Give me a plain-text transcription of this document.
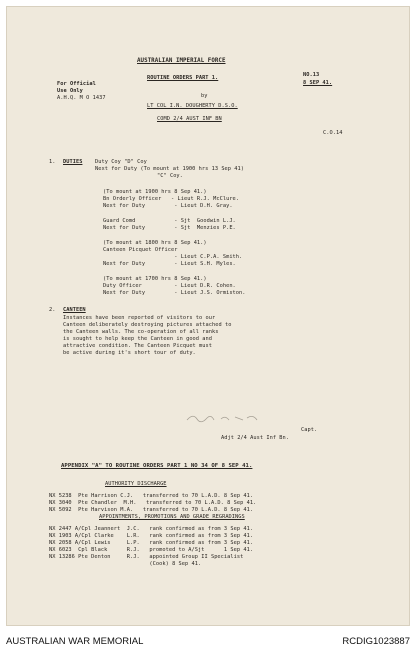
AUSTRALIAN IMPERIAL FORCE
For Official
Use Only
A.H.Q. M O 1437
ROUTINE ORDERS PART 1.	NO.13
8 SEP 41.
by
LT COL I.N. DOUGHERTY D.S.O.
COMD 2/4 AUST INF BN
C.O.14
1. DUTIES Duty Coy "D" Coy
Next for Duty (To mount at 1900 hrs 13 Sep 41)
"C" Coy.
(To mount at 1900 hrs 8 Sep 41.)
Bn Orderly Officer   - Lieut R.J. McClure.
Next for Duty         - Lieut D.H. Gray.
Guard Comd            - Sjt  Goodwin L.J.
Next for Duty         - Sjt  Menzies P.E.
(To mount at 1800 hrs 8 Sep 41.)
Canteen Picquet Officer
- Lieut C.P.A. Smith.
Next for Duty         - Lieut S.H. Myles.
(To mount at 1700 hrs 8 Sep 41.)
Duty Officer          - Lieut D.R. Cohen.
Next for Duty         - Lieut J.S. Ormiston.
2. CANTEEN
Instances have been reported of visitors to our
Canteen deliberately destroying pictures attached to
the Canteen walls. The co-operation of all ranks
is sought to help keep the Canteen in good and
attractive condition. The Canteen Picquet must
be active during it's short tour of duty.
Capt.
Adjt 2/4 Aust Inf Bn.
APPENDIX "A" TO ROUTINE ORDERS PART 1 NO 34 OF 8 SEP 41.
AUTHORITY DISCHARGE
NX 5238  Pte Harrison C.J.   transferred to 70 L.A.D. 8 Sep 41.
NX 3040  Pte Chandler  M.H.   transferred to 70 L.A.D. 8 Sep 41.
NX 5092  Pte Harvison M.A.   transferred to 70 L.A.D. 8 Sep 41.
APPOINTMENTS, PROMOTIONS AND GRADE REGRADINGS
NX 2447 A/Cpl Jeannert  J.C.   rank confirmed as from 3 Sep 41.
NX 1903 A/Cpl Clarke    L.R.   rank confirmed as from 3 Sep 41.
NX 2058 A/Cpl Lewis     L.P.   rank confirmed as from 3 Sep 41.
NX 6023  Cpl Black      R.J.   promoted to A/Sjt      1 Sep 41.
NX 13286 Pte Denton     R.J.   appointed Group II Specialist
(Cook) 8 Sep 41.
AUSTRALIAN WAR MEMORIAL	RCDIG1023887
